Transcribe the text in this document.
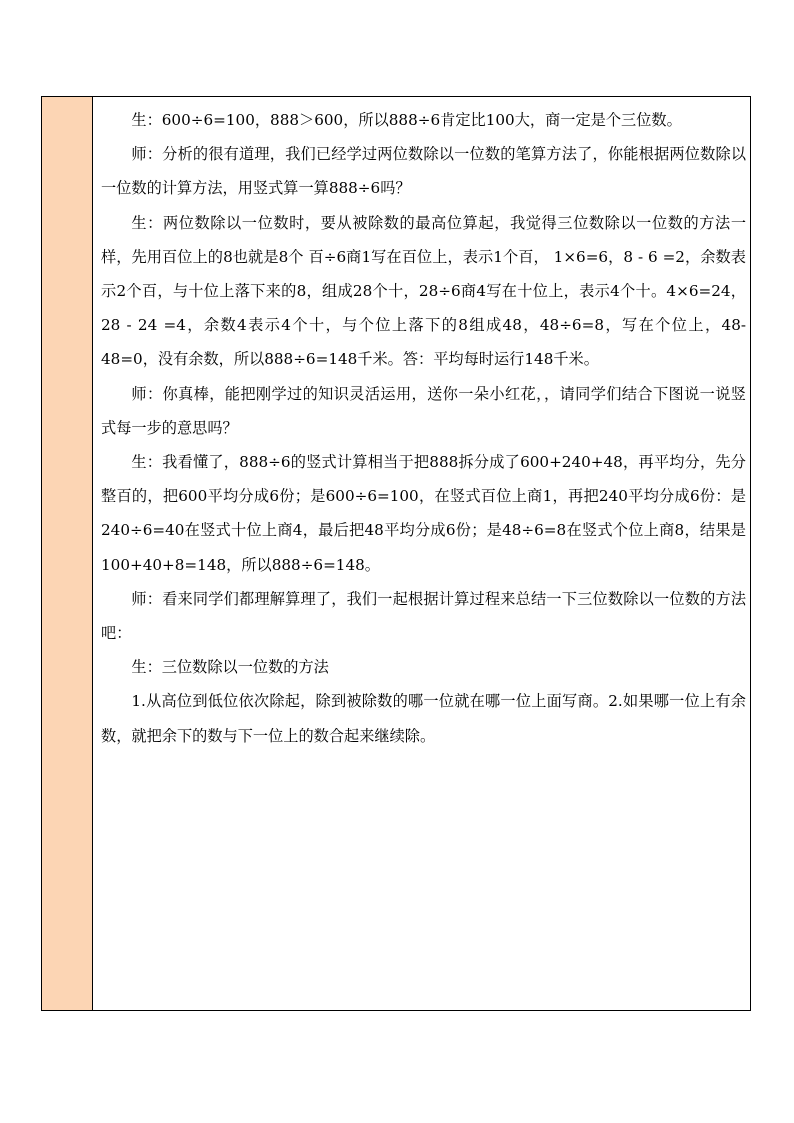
生：600÷6=100，888＞600，所以888÷6肯定比100大，商一定是个三位数。

师：分析的很有道理，我们已经学过两位数除以一位数的笔算方法了，你能根据两位数除以一位数的计算方法，用竖式算一算888÷6吗？

生：两位数除以一位数时，要从被除数的最高位算起，我觉得三位数除以一位数的方法一样，先用百位上的8也就是8个 百÷6商1写在百位上，表示1个百， 1×6=6，8 - 6 =2，余数表示2个百，与十位上落下来的8，组成28个十，28÷6商4写在十位上，表示4个十。4×6=24，28 - 24 =4，余数4表示4个十，与个位上落下的8组成48，48÷6=8，写在个位上，48-48=0，没有余数，所以888÷6=148千米。答：平均每时运行148千米。

师：你真棒，能把刚学过的知识灵活运用，送你一朵小红花，，请同学们结合下图说一说竖式每一步的意思吗？

生：我看懂了，888÷6的竖式计算相当于把888拆分成了600+240+48，再平均分，先分整百的，把600平均分成6份；是600÷6=100，在竖式百位上商1，再把240平均分成6份：是240÷6=40在竖式十位上商4，最后把48平均分成6份；是48÷6=8在竖式个位上商8，结果是100+40+8=148，所以888÷6=148。

师：看来同学们都理解算理了，我们一起根据计算过程来总结一下三位数除以一位数的方法吧：

生：三位数除以一位数的方法

1.从高位到低位依次除起，除到被除数的哪一位就在哪一位上面写商。2.如果哪一位上有余数，就把余下的数与下一位上的数合起来继续除。
